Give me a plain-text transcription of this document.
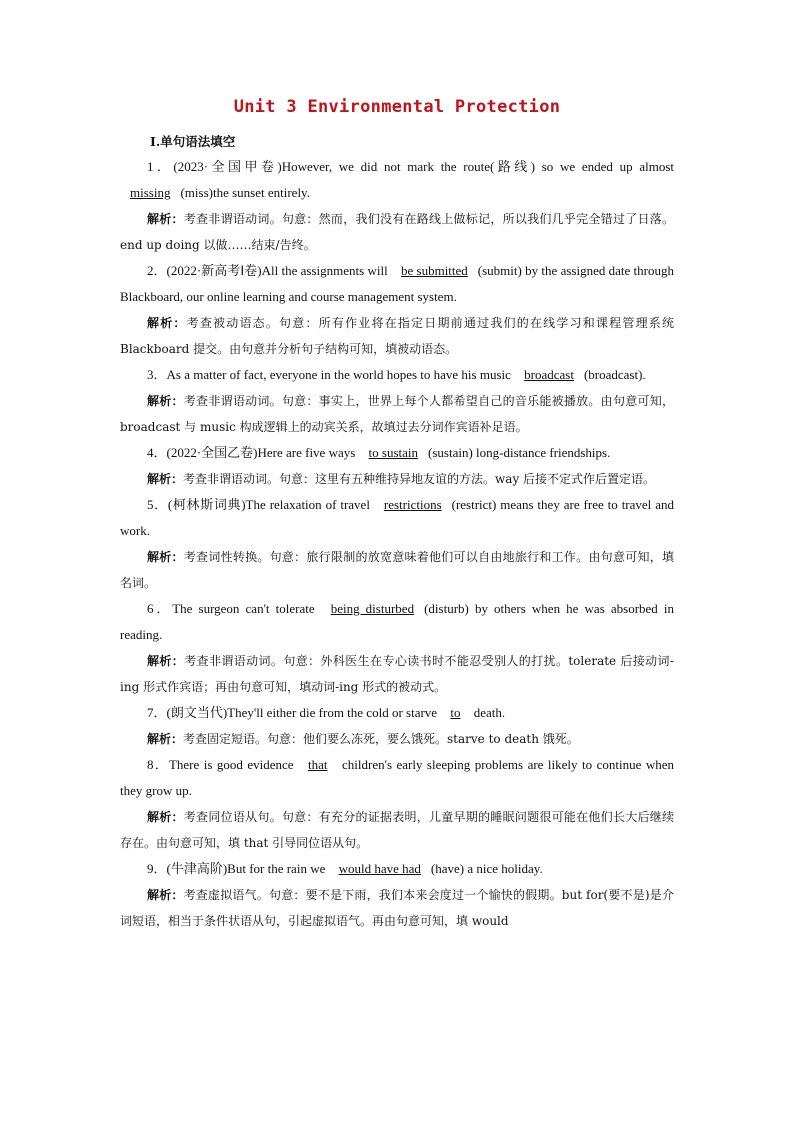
Unit 3 Environmental Protection
Ⅰ.单句语法填空

1．(2023·全国甲卷)However, we did not mark the route(路线) so we ended up almost missing (miss)the sunset entirely.

解析：考查非谓语动词。句意：然而，我们没有在路线上做标记，所以我们几乎完全错过了日落。end up doing 以做……结束/告终。

2．(2022·新高考Ⅰ卷)All the assignments will be submitted (submit) by the assigned date through Blackboard, our online learning and course management system.

解析：考查被动语态。句意：所有作业将在指定日期前通过我们的在线学习和课程管理系统 Blackboard 提交。由句意并分析句子结构可知，填被动语态。

3．As a matter of fact, everyone in the world hopes to have his music broadcast (broadcast).

解析：考查非谓语动词。句意：事实上，世界上每个人都希望自己的音乐能被播放。由句意可知，broadcast 与 music 构成逻辑上的动宾关系，故填过去分词作宾语补足语。

4．(2022·全国乙卷)Here are five ways to sustain (sustain) long-distance friendships.

解析：考查非谓语动词。句意：这里有五种维持异地友谊的方法。way 后接不定式作后置定语。

5．(柯林斯词典)The relaxation of travel restrictions (restrict) means they are free to travel and work.

解析：考查词性转换。句意：旅行限制的放宽意味着他们可以自由地旅行和工作。由句意可知，填名词。

6．The surgeon can't tolerate being disturbed (disturb) by others when he was absorbed in reading.

解析：考查非谓语动词。句意：外科医生在专心读书时不能忍受别人的打扰。tolerate 后接动词-ing 形式作宾语；再由句意可知，填动词-ing 形式的被动式。

7．(朗文当代)They'll either die from the cold or starve to death.

解析：考查固定短语。句意：他们要么冻死，要么饿死。starve to death 饿死。

8．There is good evidence that children's early sleeping problems are likely to continue when they grow up.

解析：考查同位语从句。句意：有充分的证据表明，儿童早期的睡眠问题很可能在他们长大后继续存在。由句意可知，填 that 引导同位语从句。

9．(牛津高阶)But for the rain we would have had (have) a nice holiday.

解析：考查虚拟语气。句意：要不是下雨，我们本来会度过一个愉快的假期。but for(要不是)是介词短语，相当于条件状语从句，引起虚拟语气。再由句意可知，填 would
